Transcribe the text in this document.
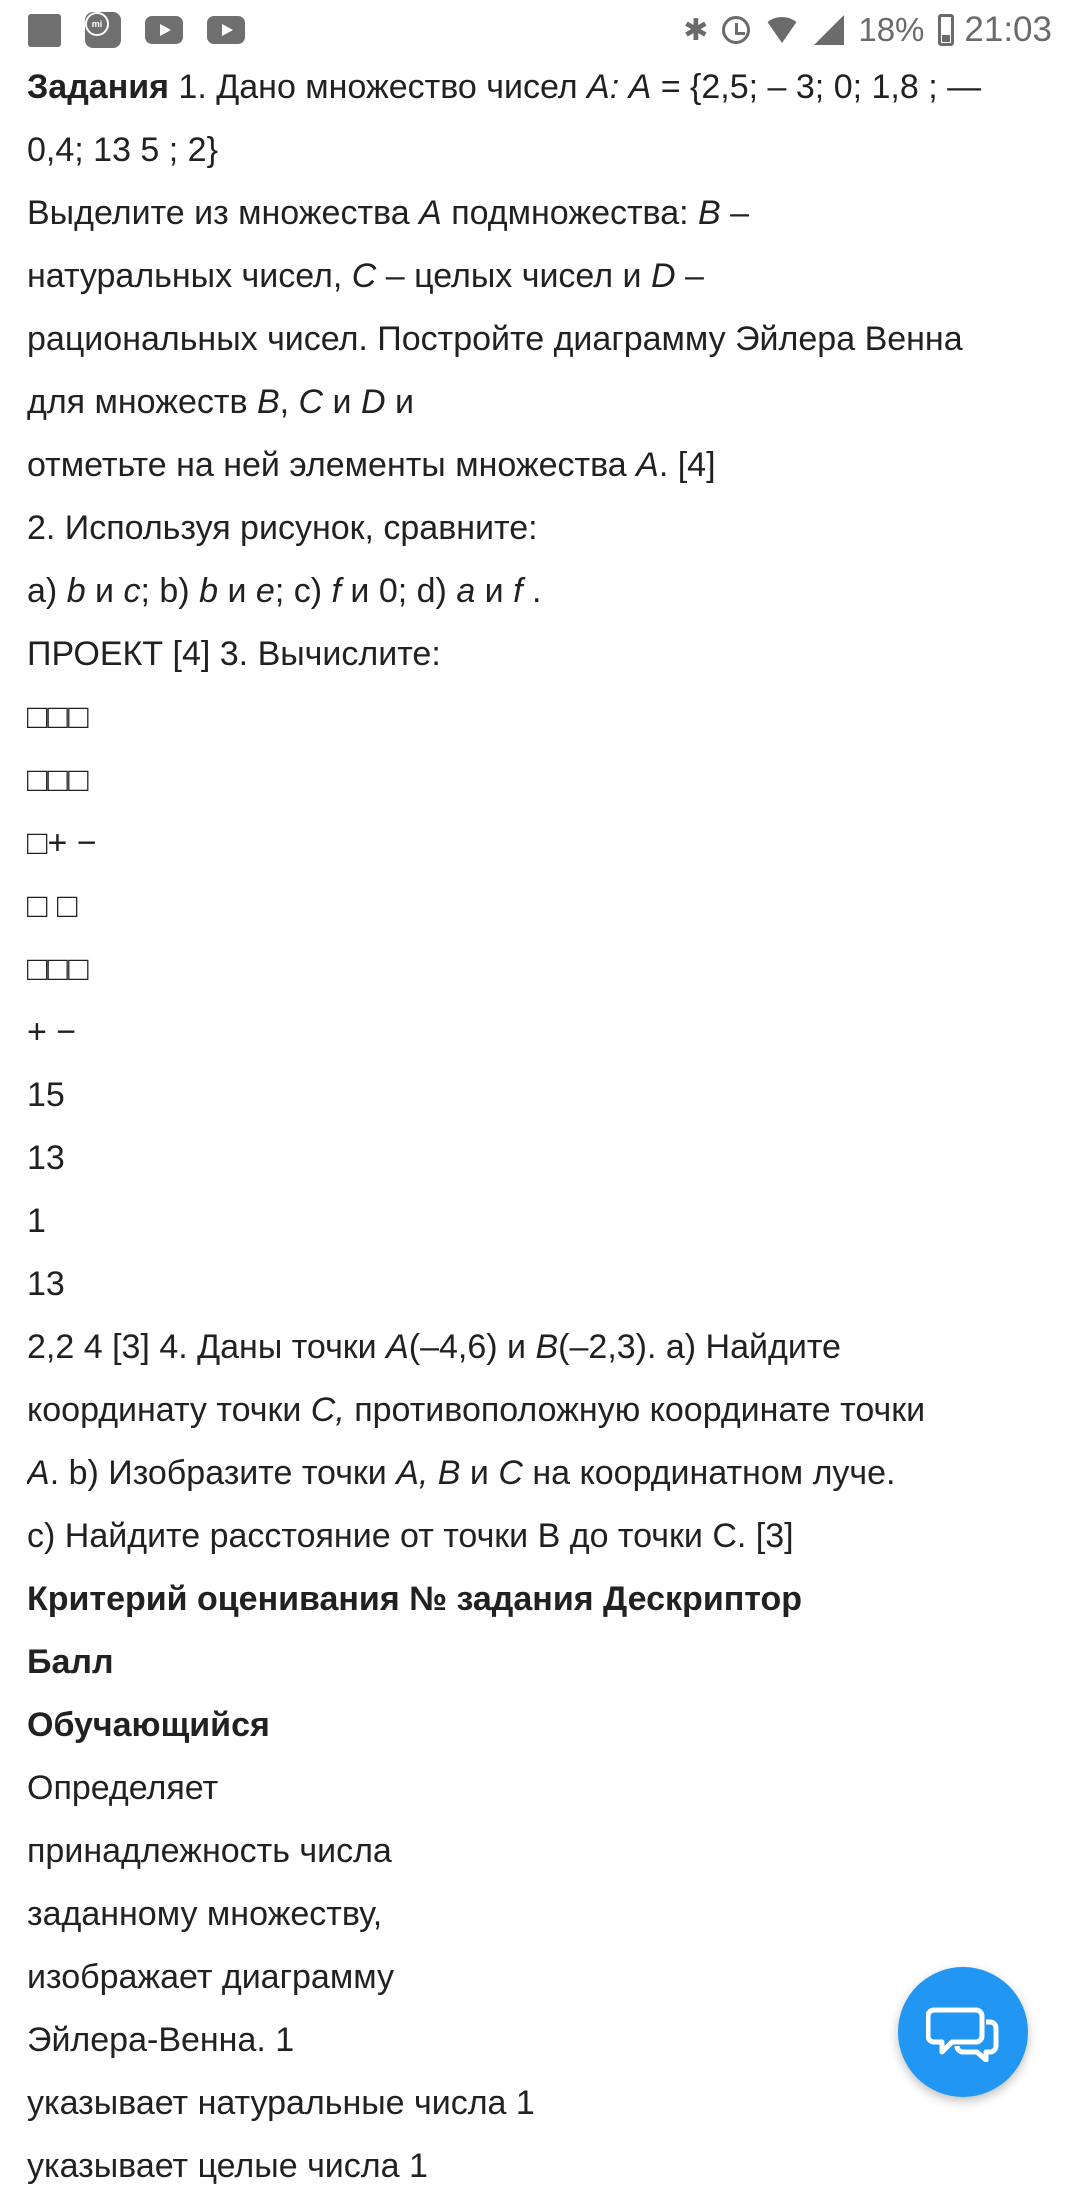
mi	✱	18% 21:03
Задания 1. Дано множество чисел А: А = {2,5; – 3; 0; 1,8 ; —
0,4; 13 5 ; 2}
Выделите из множества А подмножества: В –
натуральных чисел, С – целых чисел и D –
рациональных чисел. Постройте диаграмму Эйлера Венна
для множеств В, С и D и
отметьте на ней элементы множества А. [4]
2. Используя рисунок, сравните:
a) b и c; b) b и e; c) f и 0; d) a и f .
ПРОЕКТ [4] 3. Вычислите:
□□□
□□□
□+ −
□ □
□□□
+ −
15
13
1
13
2,2 4 [3] 4. Даны точки А(–4,6) и В(–2,3). a) Найдите
координату точки С, противоположную координате точки
А. b) Изобразите точки А, В и С на координатном луче.
c) Найдите расстояние от точки В до точки С. [3]
Критерий оценивания № задания Дескриптор
Балл
Обучающийся
Определяет
принадлежность числа
заданному множеству,
изображает диаграмму
Эйлера-Венна. 1
указывает натуральные числа 1
указывает целые числа 1
